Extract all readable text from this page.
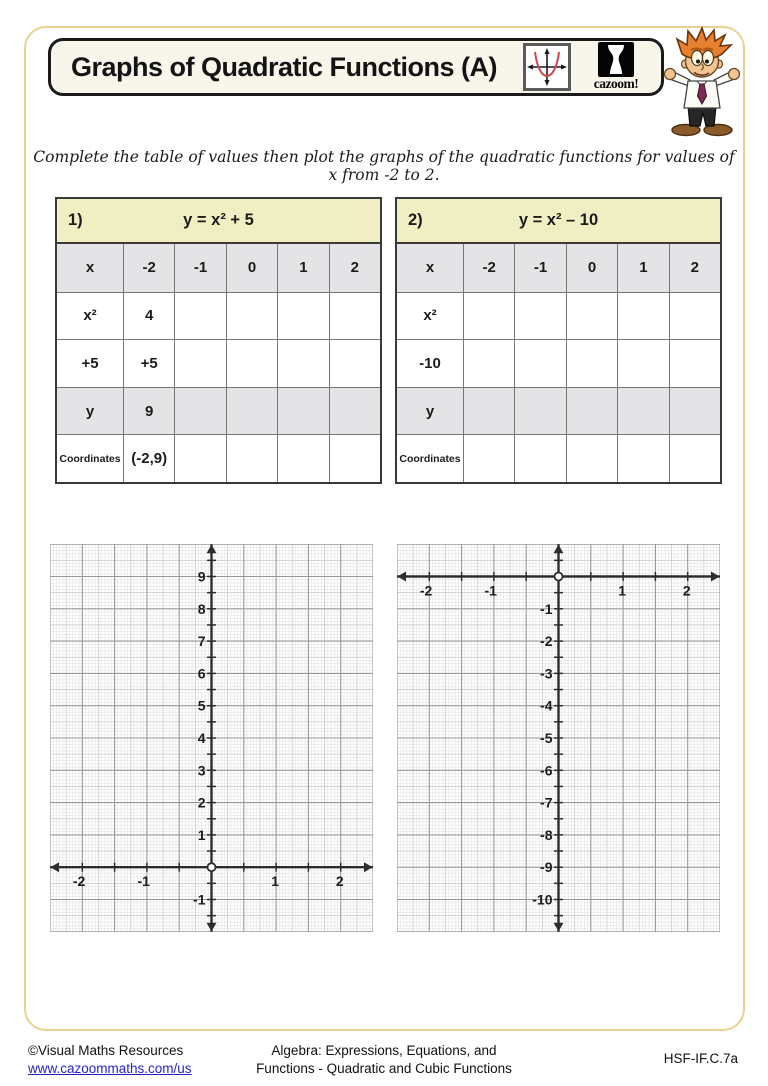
Graphs of Quadratic Functions (A)
cazoom!

Complete the table of values then plot the graphs of the quadratic functions for values of x from -2 to 2.

1)	y = x² + 5
x	-2	-1	0	1	2
x²	4
+5	+5
y	9
Coordinates (-2,9)
2)	y = x² – 10
x	-2	-1	0	1	2
x²
-10
y
Coordinates
-2	-1	1	2
9
8
7
6
5
4
3
2
1
-1
-2	-1	1	2
-1
-2
-3
-4
-5
-6
-7
-8
-9
-10
©Visual Maths Resources
www.cazoommaths.com/us
Algebra: Expressions, Equations, and
Functions - Quadratic and Cubic Functions
HSF-IF.C.7a
